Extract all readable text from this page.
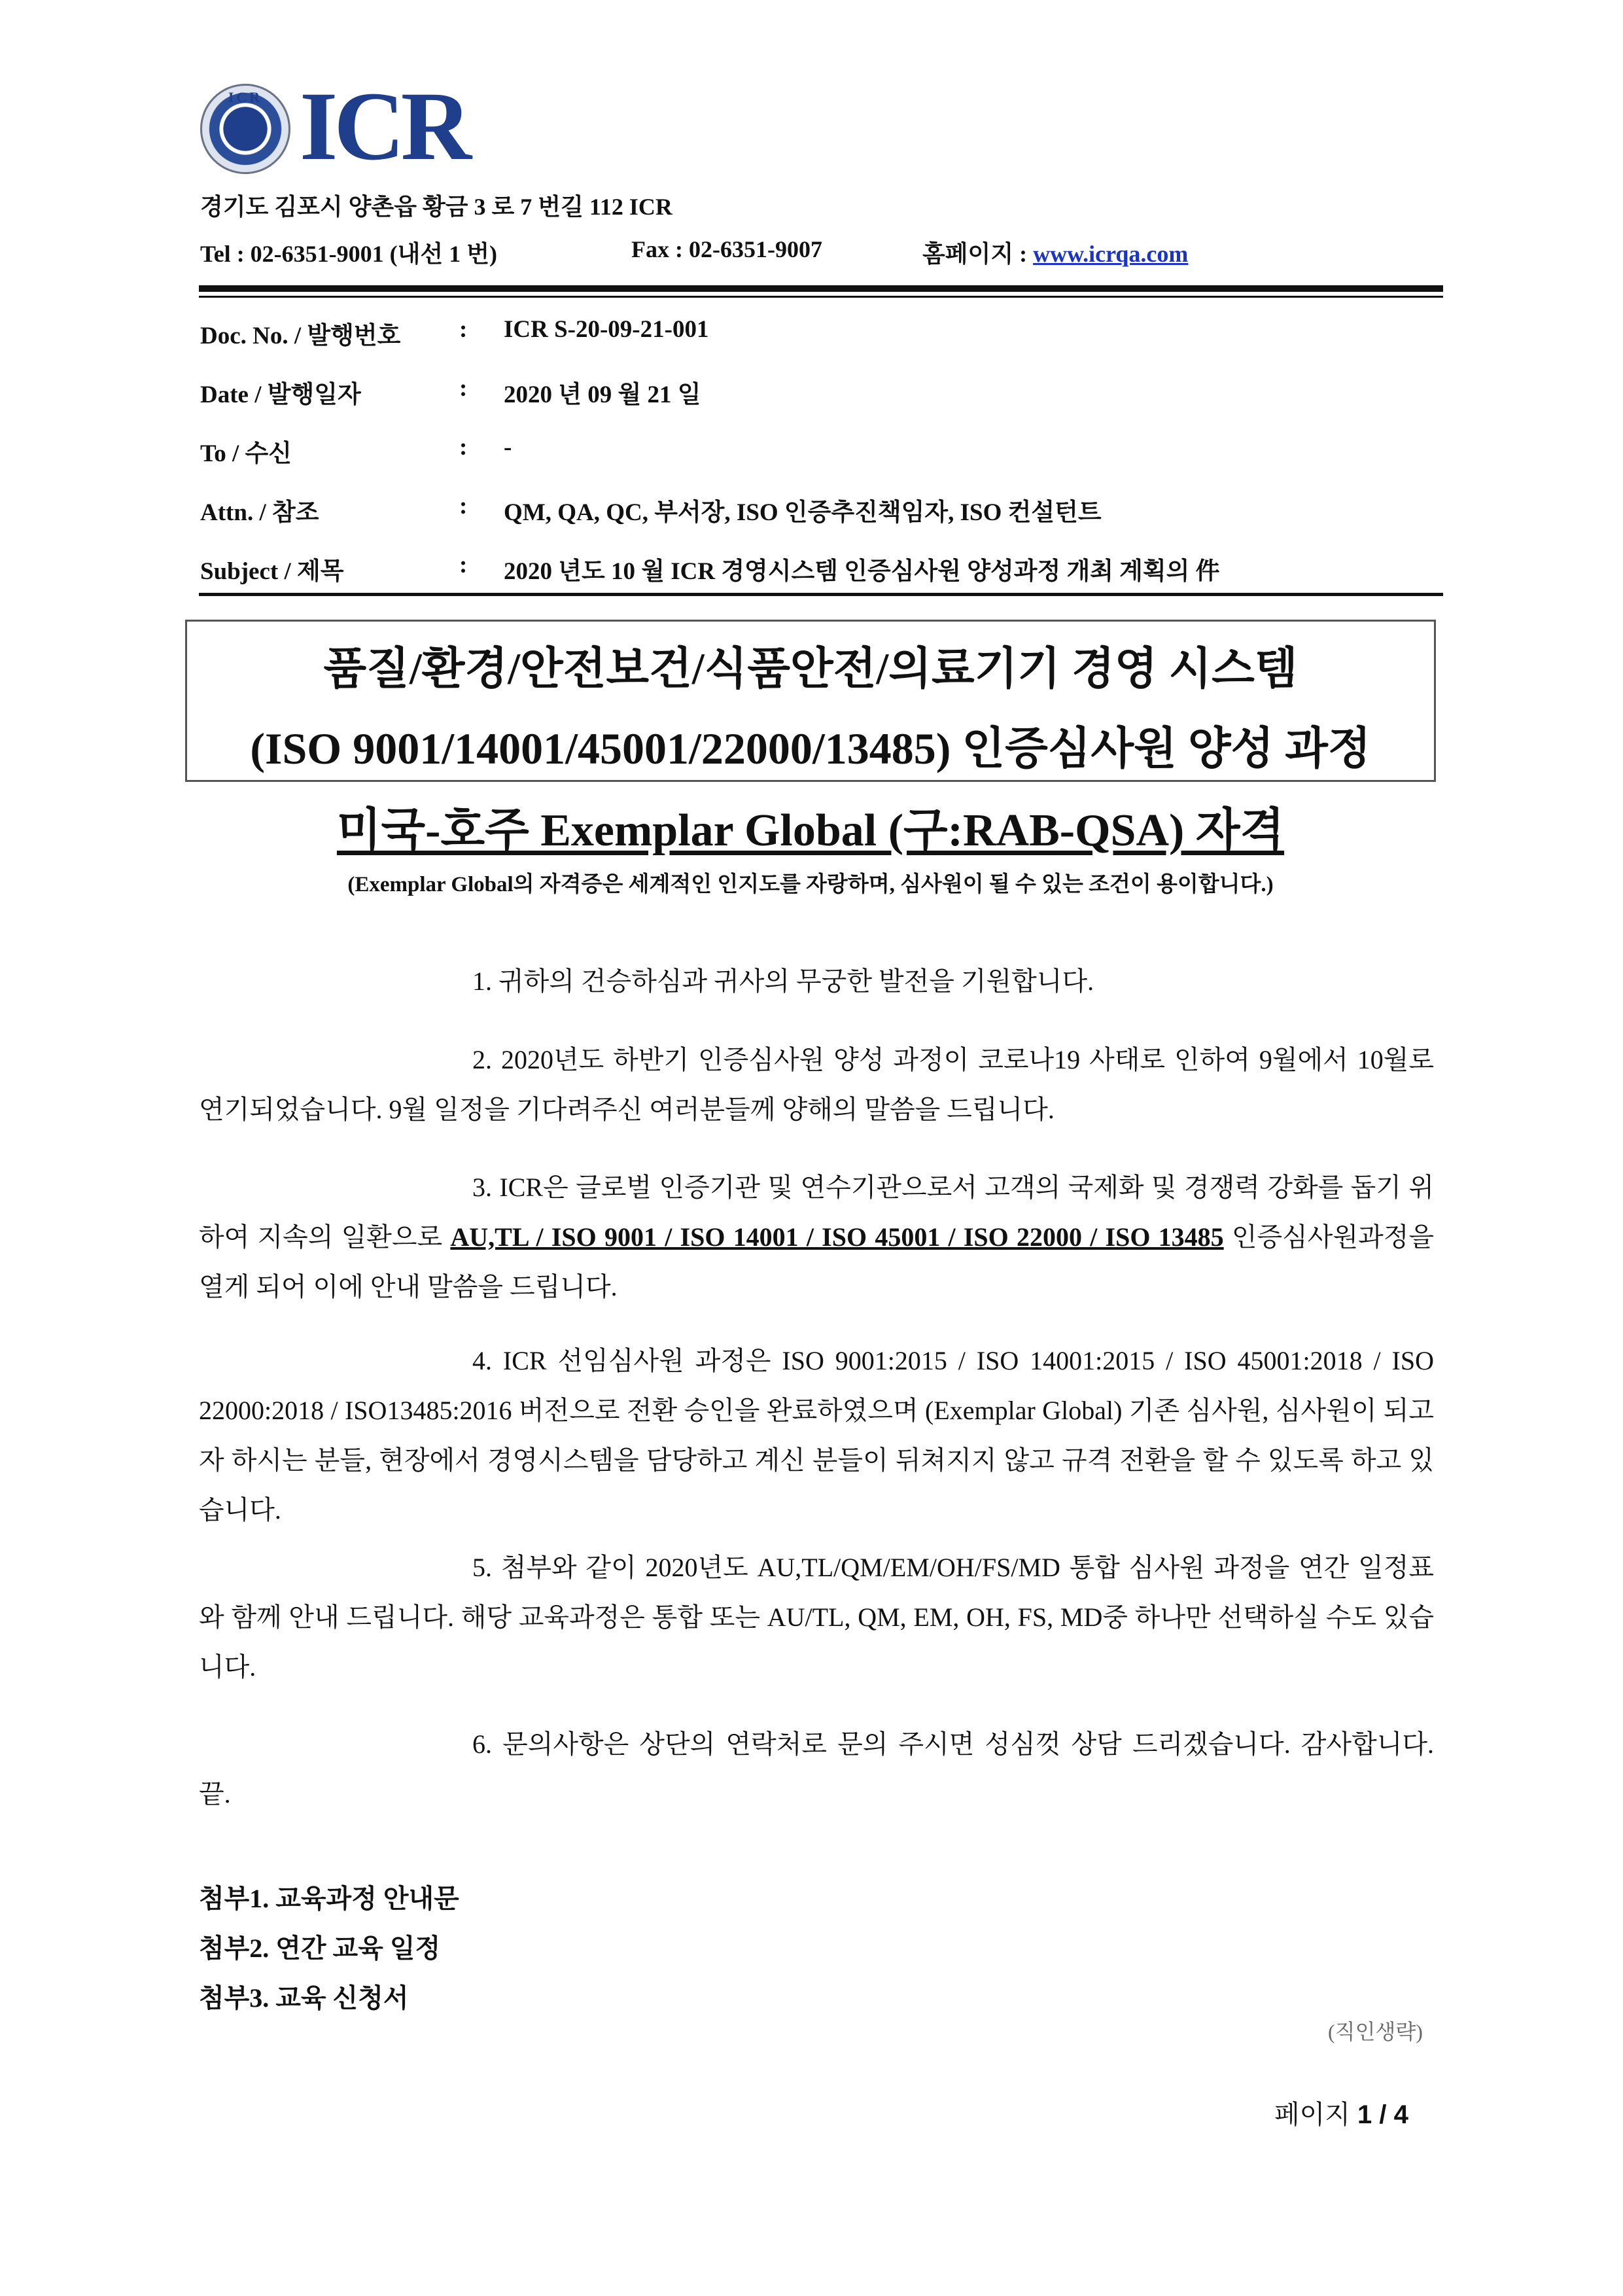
ICR ICR
경기도 김포시 양촌읍 황금 3 로 7 번길 112 ICR
Tel : 02-6351-9001 (내선 1 번)	Fax : 02-6351-9007	홈페이지 : www.icrqa.com
Doc. No. / 발행번호 : ICR S-20-09-21-001
Date / 발행일자	: 2020 년 09 월 21 일
To / 수신	: -
Attn. / 참조	: QM, QA, QC, 부서장, ISO 인증추진책임자, ISO 컨설턴트
Subject / 제목	: 2020 년도 10 월 ICR 경영시스템 인증심사원 양성과정 개최 계획의 件
품질/환경/안전보건/식품안전/의료기기 경영 시스템
(ISO 9001/14001/45001/22000/13485) 인증심사원 양성 과정
미국-호주 Exemplar Global (구:RAB-QSA) 자격
(Exemplar Global의 자격증은 세계적인 인지도를 자랑하며, 심사원이 될 수 있는 조건이 용이합니다.)
1. 귀하의 건승하심과 귀사의 무궁한 발전을 기원합니다.
2. 2020년도 하반기 인증심사원 양성 과정이 코로나19 사태로 인하여 9월에서 10월로 연기되었습니다. 9월 일정을 기다려주신 여러분들께 양해의 말씀을 드립니다.
3. ICR은 글로벌 인증기관 및 연수기관으로서 고객의 국제화 및 경쟁력 강화를 돕기 위하여 지속의 일환으로 AU,TL / ISO 9001 / ISO 14001 / ISO 45001 / ISO 22000 / ISO 13485 인증심사원과정을 열게 되어 이에 안내 말씀을 드립니다.
4. ICR 선임심사원 과정은 ISO 9001:2015 / ISO 14001:2015 / ISO 45001:2018 / ISO 22000:2018 / ISO13485:2016 버전으로 전환 승인을 완료하였으며 (Exemplar Global) 기존 심사원, 심사원이 되고자 하시는 분들, 현장에서 경영시스템을 담당하고 계신 분들이 뒤쳐지지 않고 규격 전환을 할 수 있도록 하고 있습니다.
5. 첨부와 같이 2020년도 AU,TL/QM/EM/OH/FS/MD 통합 심사원 과정을 연간 일정표와 함께 안내 드립니다. 해당 교육과정은 통합 또는 AU/TL, QM, EM, OH, FS, MD중 하나만 선택하실 수도 있습니다.
6. 문의사항은 상단의 연락처로 문의 주시면 성심껏 상담 드리겠습니다. 감사합니다. 끝.
첨부1. 교육과정 안내문
첨부2. 연간 교육 일정
첨부3. 교육 신청서
(직인생략)
페이지 1 / 4
